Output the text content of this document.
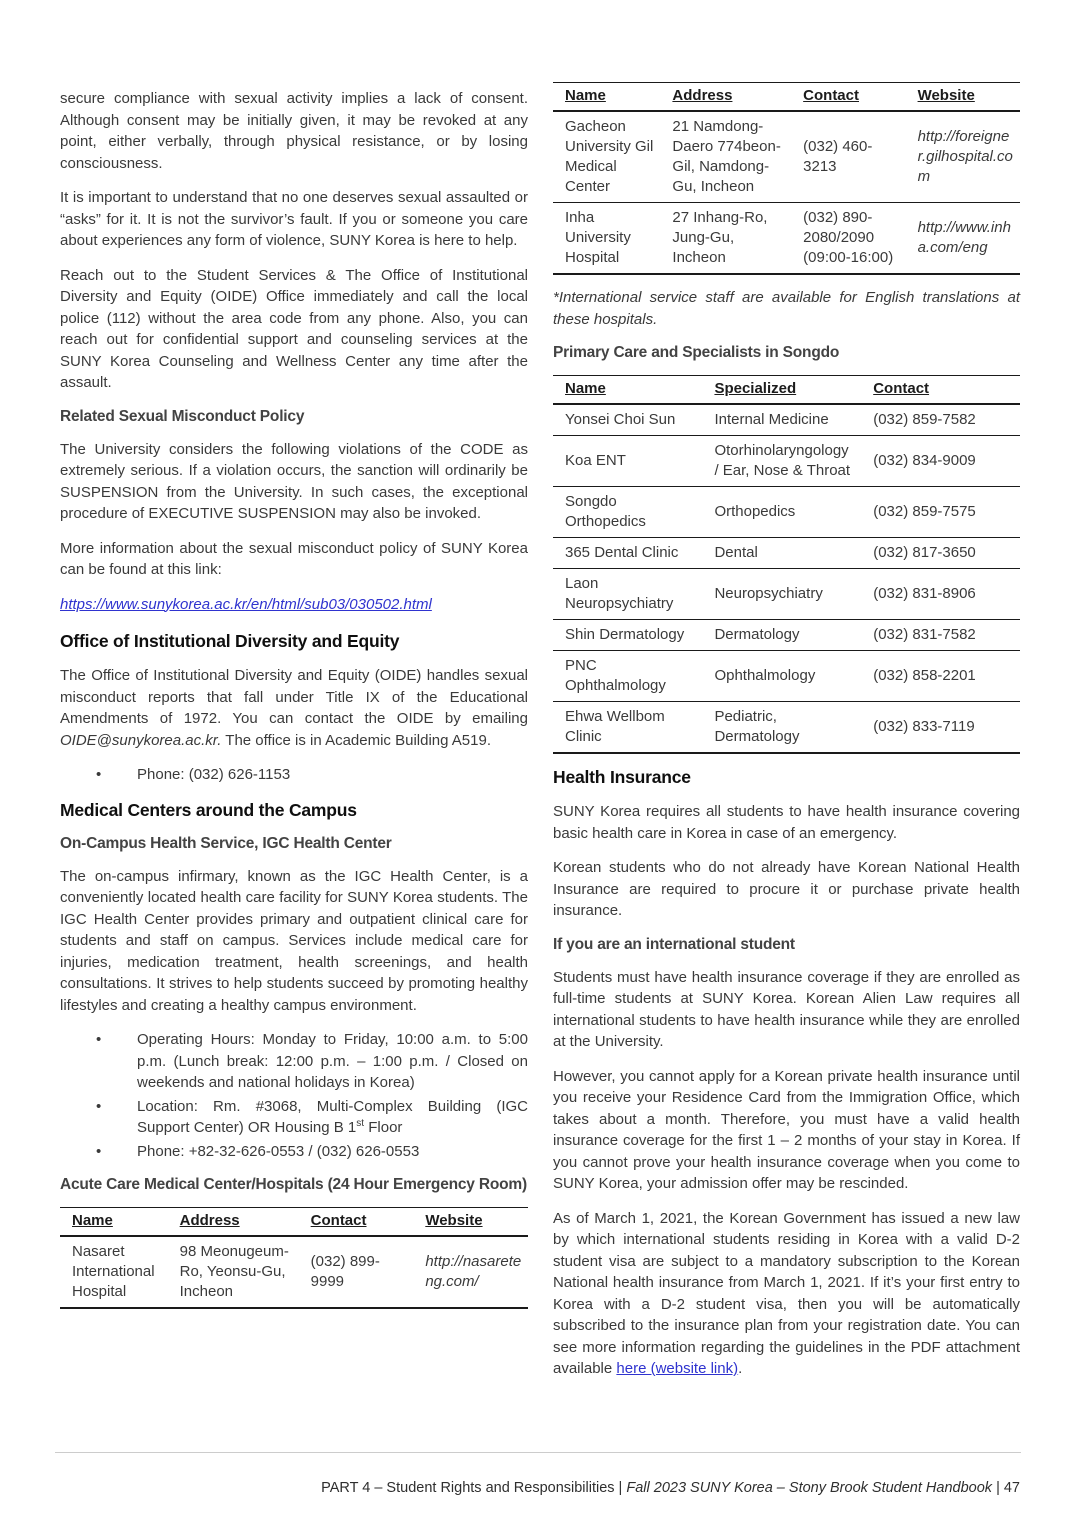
secure compliance with sexual activity implies a lack of consent. Although consent may be initially given, it may be revoked at any point, either verbally, through physical resistance, or by losing consciousness.

It is important to understand that no one deserves sexual assaulted or “asks” for it. It is not the survivor’s fault. If you or someone you care about experiences any form of violence, SUNY Korea is here to help.

Reach out to the Student Services & The Office of Institutional Diversity and Equity (OIDE) Office immediately and call the local police (112) without the area code from any phone. Also, you can reach out for confidential support and counseling services at the SUNY Korea Counseling and Wellness Center any time after the assault.

Related Sexual Misconduct Policy

The University considers the following violations of the CODE as extremely serious. If a violation occurs, the sanction will ordinarily be SUSPENSION from the University. In such cases, the exceptional procedure of EXECUTIVE SUSPENSION may also be invoked.

More information about the sexual misconduct policy of SUNY Korea can be found at this link:

https://www.sunykorea.ac.kr/en/html/sub03/030502.html

Office of Institutional Diversity and Equity

The Office of Institutional Diversity and Equity (OIDE) handles sexual misconduct reports that fall under Title IX of the Educational Amendments of 1972. You can contact the OIDE by emailing OIDE@sunykorea.ac.kr. The office is in Academic Building A519.

• Phone: (032) 626-1153
Medical Centers around the Campus
On-Campus Health Service, IGC Health Center

The on-campus infirmary, known as the IGC Health Center, is a conveniently located health care facility for SUNY Korea students. The IGC Health Center provides primary and outpatient clinical care for students and staff on campus. Services include medical care for injuries, medication treatment, health screenings, and health consultations. It strives to help students succeed by promoting healthy lifestyles and creating a healthy campus environment.

• Operating Hours: Monday to Friday, 10:00 a.m. to 5:00 p.m. (Lunch break: 12:00 p.m. – 1:00 p.m. / Closed on weekends and national holidays in Korea)
• Location: Rm. #3068, Multi-Complex Building (IGC Support Center) OR Housing B 1st Floor
• Phone: +82-32-626-0553 / (032) 626-0553
Acute Care Medical Center/Hospitals (24 Hour Emergency Room)
Name	Address	Contact	Website
Nasaret International Hospital	98 Meonugeum-Ro, Yeonsu-Gu, Incheon	(032) 899-9999	http://nasareteng.com/
Name	Address	Contact	Website
Gacheon University Gil Medical Center	21 Namdong-Daero 774beon-Gil, Namdong-Gu, Incheon	(032) 460-3213	http://foreigner.gilhospital.com
Inha University Hospital	27 Inhang-Ro, Jung-Gu, Incheon	(032) 890-2080/2090 (09:00-16:00)	http://www.inha.com/eng

*International service staff are available for English translations at these hospitals.

Primary Care and Specialists in Songdo
Name	Specialized	Contact
Yonsei Choi Sun	Internal Medicine	(032) 859-7582
Koa ENT	Otorhinolaryngology / Ear, Nose & Throat	(032) 834-9009
Songdo Orthopedics	Orthopedics	(032) 859-7575
365 Dental Clinic	Dental	(032) 817-3650
Laon Neuropsychiatry	Neuropsychiatry	(032) 831-8906
Shin Dermatology	Dermatology	(032) 831-7582
PNC Ophthalmology	Ophthalmology	(032) 858-2201
Ehwa Wellbom Clinic	Pediatric, Dermatology	(032) 833-7119
Health Insurance

SUNY Korea requires all students to have health insurance covering basic health care in Korea in case of an emergency.

Korean students who do not already have Korean National Health Insurance are required to procure it or purchase private health insurance.

If you are an international student

Students must have health insurance coverage if they are enrolled as full-time students at SUNY Korea. Korean Alien Law requires all international students to have health insurance while they are enrolled at the University.

However, you cannot apply for a Korean private health insurance until you receive your Residence Card from the Immigration Office, which takes about a month. Therefore, you must have a valid health insurance coverage for the first 1 – 2 months of your stay in Korea. If you cannot prove your health insurance coverage when you come to SUNY Korea, your admission offer may be rescinded.

As of March 1, 2021, the Korean Government has issued a new law by which international students residing in Korea with a valid D-2 student visa are subject to a mandatory subscription to the Korean National health insurance from March 1, 2021. If it’s your first entry to Korea with a D-2 student visa, then you will be automatically subscribed to the insurance plan from your registration date. You can see more information regarding the guidelines in the PDF attachment available here (website link).

PART 4 – Student Rights and Responsibilities | Fall 2023 SUNY Korea – Stony Brook Student Handbook | 47
